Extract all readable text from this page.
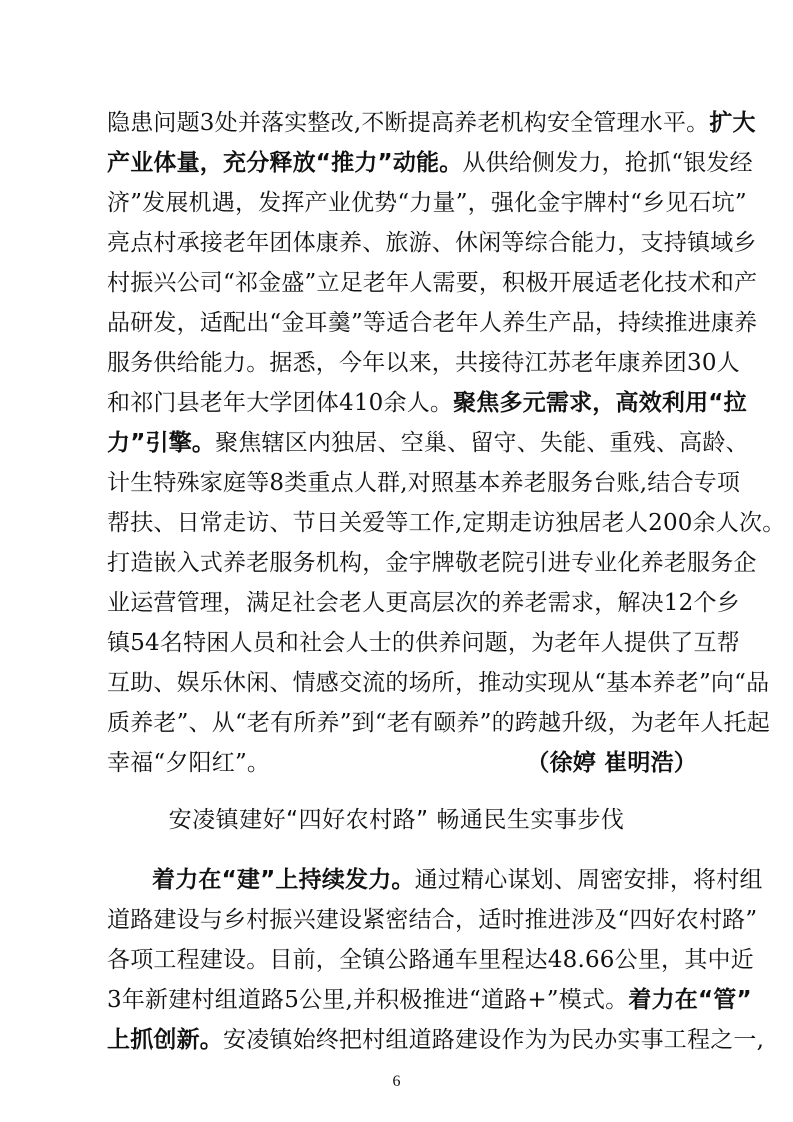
隐患问题3处并落实整改,不断提高养老机构安全管理水平。扩大
产业体量，充分释放“推力”动能。从供给侧发力，抢抓“银发经
济”发展机遇，发挥产业优势“力量”，强化金宇牌村“乡见石坑”
亮点村承接老年团体康养、旅游、休闲等综合能力，支持镇域乡
村振兴公司“祁金盛”立足老年人需要，积极开展适老化技术和产
品研发，适配出“金耳羹”等适合老年人养生产品，持续推进康养
服务供给能力。据悉，今年以来，共接待江苏老年康养团30人
和祁门县老年大学团体410余人。聚焦多元需求，高效利用“拉
力”引擎。聚焦辖区内独居、空巢、留守、失能、重残、高龄、
计生特殊家庭等8类重点人群,对照基本养老服务台账,结合专项
帮扶、日常走访、节日关爱等工作,定期走访独居老人200余人次。
打造嵌入式养老服务机构，金宇牌敬老院引进专业化养老服务企
业运营管理，满足社会老人更高层次的养老需求，解决12个乡
镇54名特困人员和社会人士的供养问题，为老年人提供了互帮
互助、娱乐休闲、情感交流的场所，推动实现从“基本养老”向“品
质养老”、从“老有所养”到“老有颐养”的跨越升级，为老年人托起
幸福“夕阳红”。	（徐婷 崔明浩）
安凌镇建好“四好农村路” 畅通民生实事步伐
着力在“建”上持续发力。通过精心谋划、周密安排，将村组
道路建设与乡村振兴建设紧密结合，适时推进涉及“四好农村路”
各项工程建设。目前，全镇公路通车里程达48.66公里，其中近
3年新建村组道路5公里,并积极推进“道路+”模式。着力在“管”
上抓创新。安凌镇始终把村组道路建设作为为民办实事工程之一,
6
